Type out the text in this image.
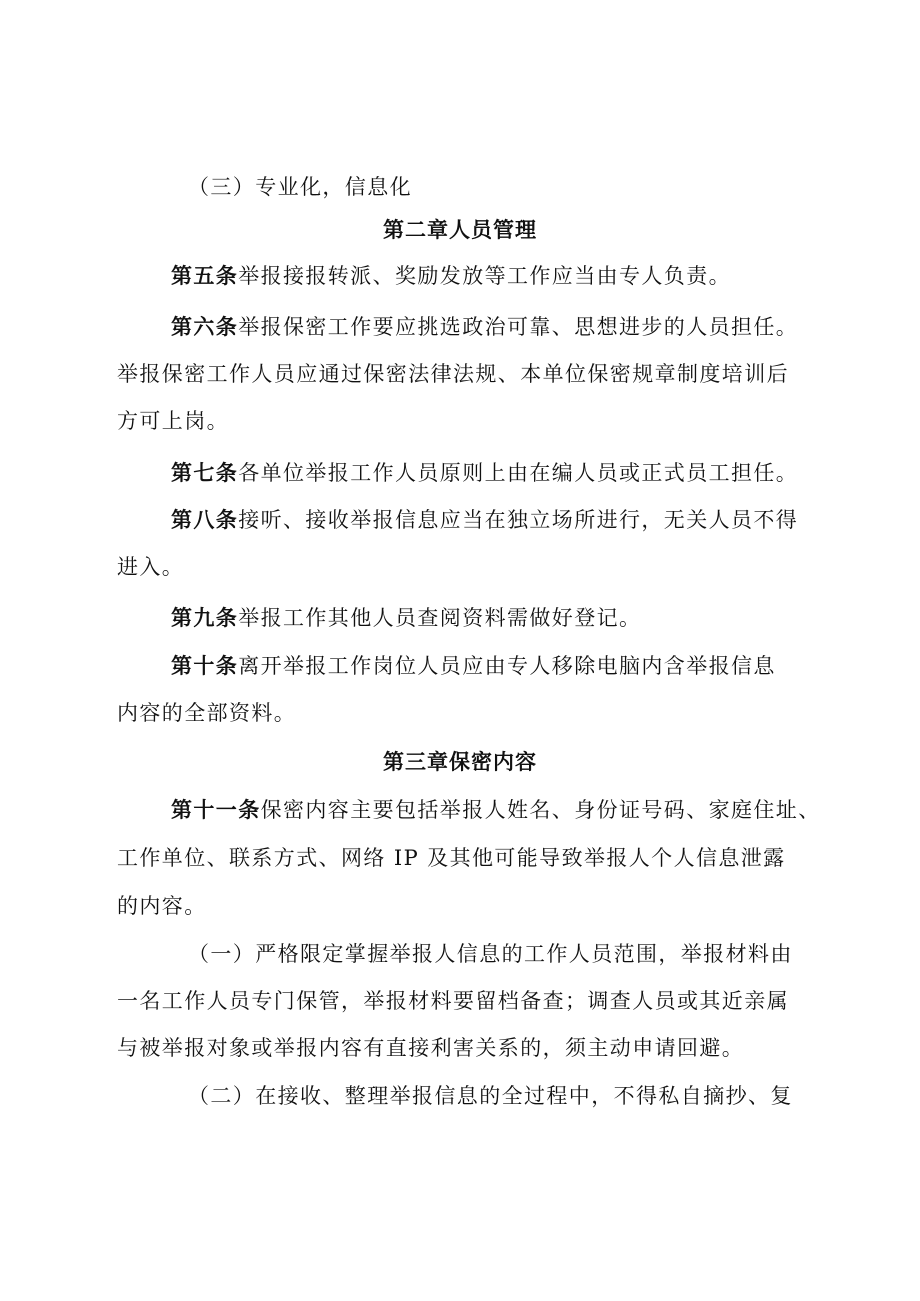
（三）专业化，信息化
第二章人员管理
第五条举报接报转派、奖励发放等工作应当由专人负责。
第六条举报保密工作要应挑选政治可靠、思想进步的人员担任。
举报保密工作人员应通过保密法律法规、本单位保密规章制度培训后
方可上岗。
第七条各单位举报工作人员原则上由在编人员或正式员工担任。
第八条接听、接收举报信息应当在独立场所进行，无关人员不得
进入。
第九条举报工作其他人员查阅资料需做好登记。
第十条离开举报工作岗位人员应由专人移除电脑内含举报信息
内容的全部资料。
第三章保密内容
第十一条保密内容主要包括举报人姓名、身份证号码、家庭住址、
工作单位、联系方式、网络 IP 及其他可能导致举报人个人信息泄露
的内容。
（一）严格限定掌握举报人信息的工作人员范围，举报材料由
一名工作人员专门保管，举报材料要留档备查；调查人员或其近亲属
与被举报对象或举报内容有直接利害关系的，须主动申请回避。
（二）在接收、整理举报信息的全过程中，不得私自摘抄、复
